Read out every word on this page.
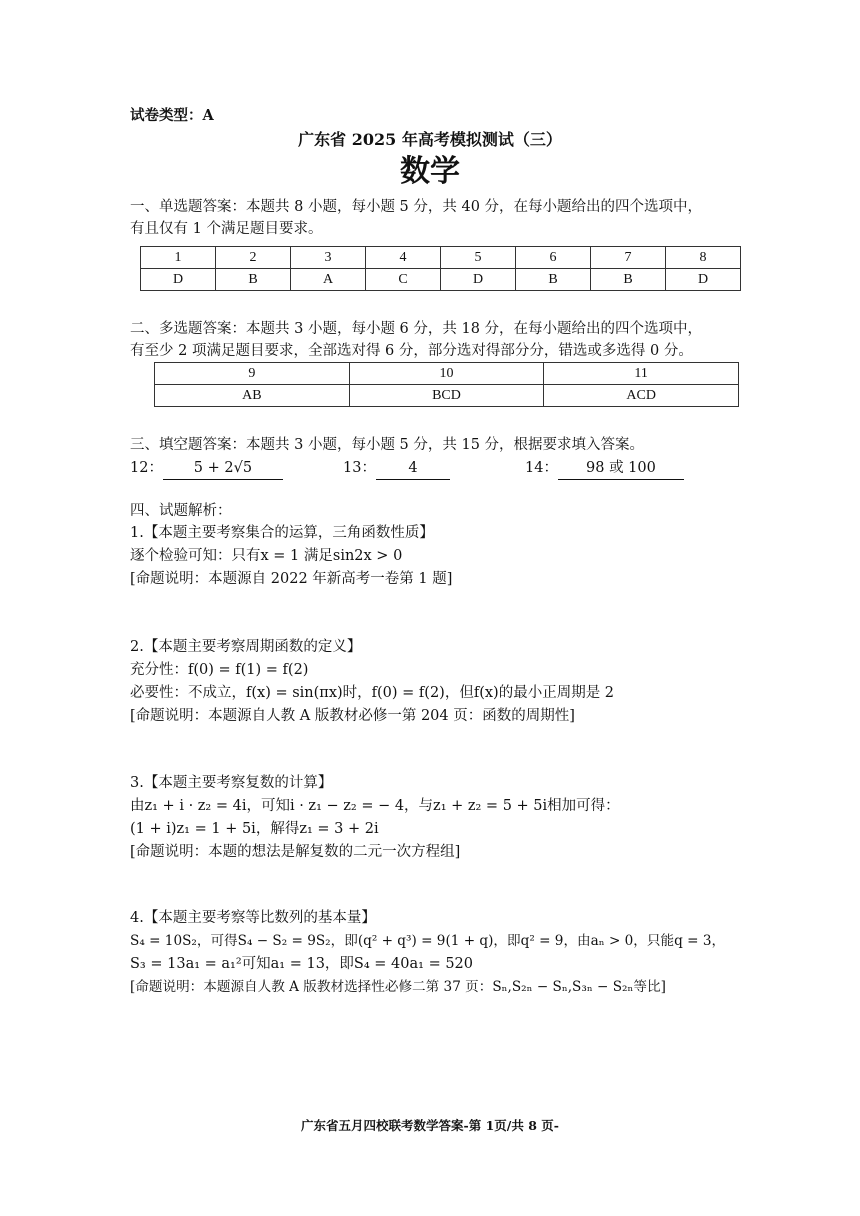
试卷类型：A
广东省 2025 年高考模拟测试（三）
数学
一、单选题答案：本题共 8 小题，每小题 5 分，共 40 分，在每小题给出的四个选项中，
有且仅有 1 个满足题目要求。
1	2	3	4	5	6	7	8
D	B	A	C	D	B	B	D
二、多选题答案：本题共 3 小题，每小题 6 分，共 18 分，在每小题给出的四个选项中，
有至少 2 项满足题目要求，全部选对得 6 分，部分选对得部分分，错选或多选得 0 分。
9	10	11
AB	BCD	ACD
三、填空题答案：本题共 3 小题，每小题 5 分，共 15 分，根据要求填入答案。
12： 5 + 2√5	13： 4	14： 98 或 100
四、试题解析：
1.【本题主要考察集合的运算，三角函数性质】
逐个检验可知：只有x = 1 满足sin2x > 0
[命题说明：本题源自 2022 年新高考一卷第 1 题]
2.【本题主要考察周期函数的定义】
充分性：f(0) = f(1) = f(2)
必要性：不成立，f(x) = sin(πx)时，f(0) = f(2)，但f(x)的最小正周期是 2
[命题说明：本题源自人教 A 版教材必修一第 204 页：函数的周期性]
3.【本题主要考察复数的计算】
由z₁ + i · z₂ = 4i，可知i · z₁ − z₂ = − 4，与z₁ + z₂ = 5 + 5i相加可得：
(1 + i)z₁ = 1 + 5i，解得z₁ = 3 + 2i
[命题说明：本题的想法是解复数的二元一次方程组]
4.【本题主要考察等比数列的基本量】
S₄ = 10S₂，可得S₄ − S₂ = 9S₂，即(q² + q³) = 9(1 + q)，即q² = 9，由aₙ > 0，只能q = 3，
S₃ = 13a₁ = a₁²可知a₁ = 13，即S₄ = 40a₁ = 520
[命题说明：本题源自人教 A 版教材选择性必修二第 37 页：Sₙ,S₂ₙ − Sₙ,S₃ₙ − S₂ₙ等比]
广东省五月四校联考数学答案-第 1页/共 8 页-
